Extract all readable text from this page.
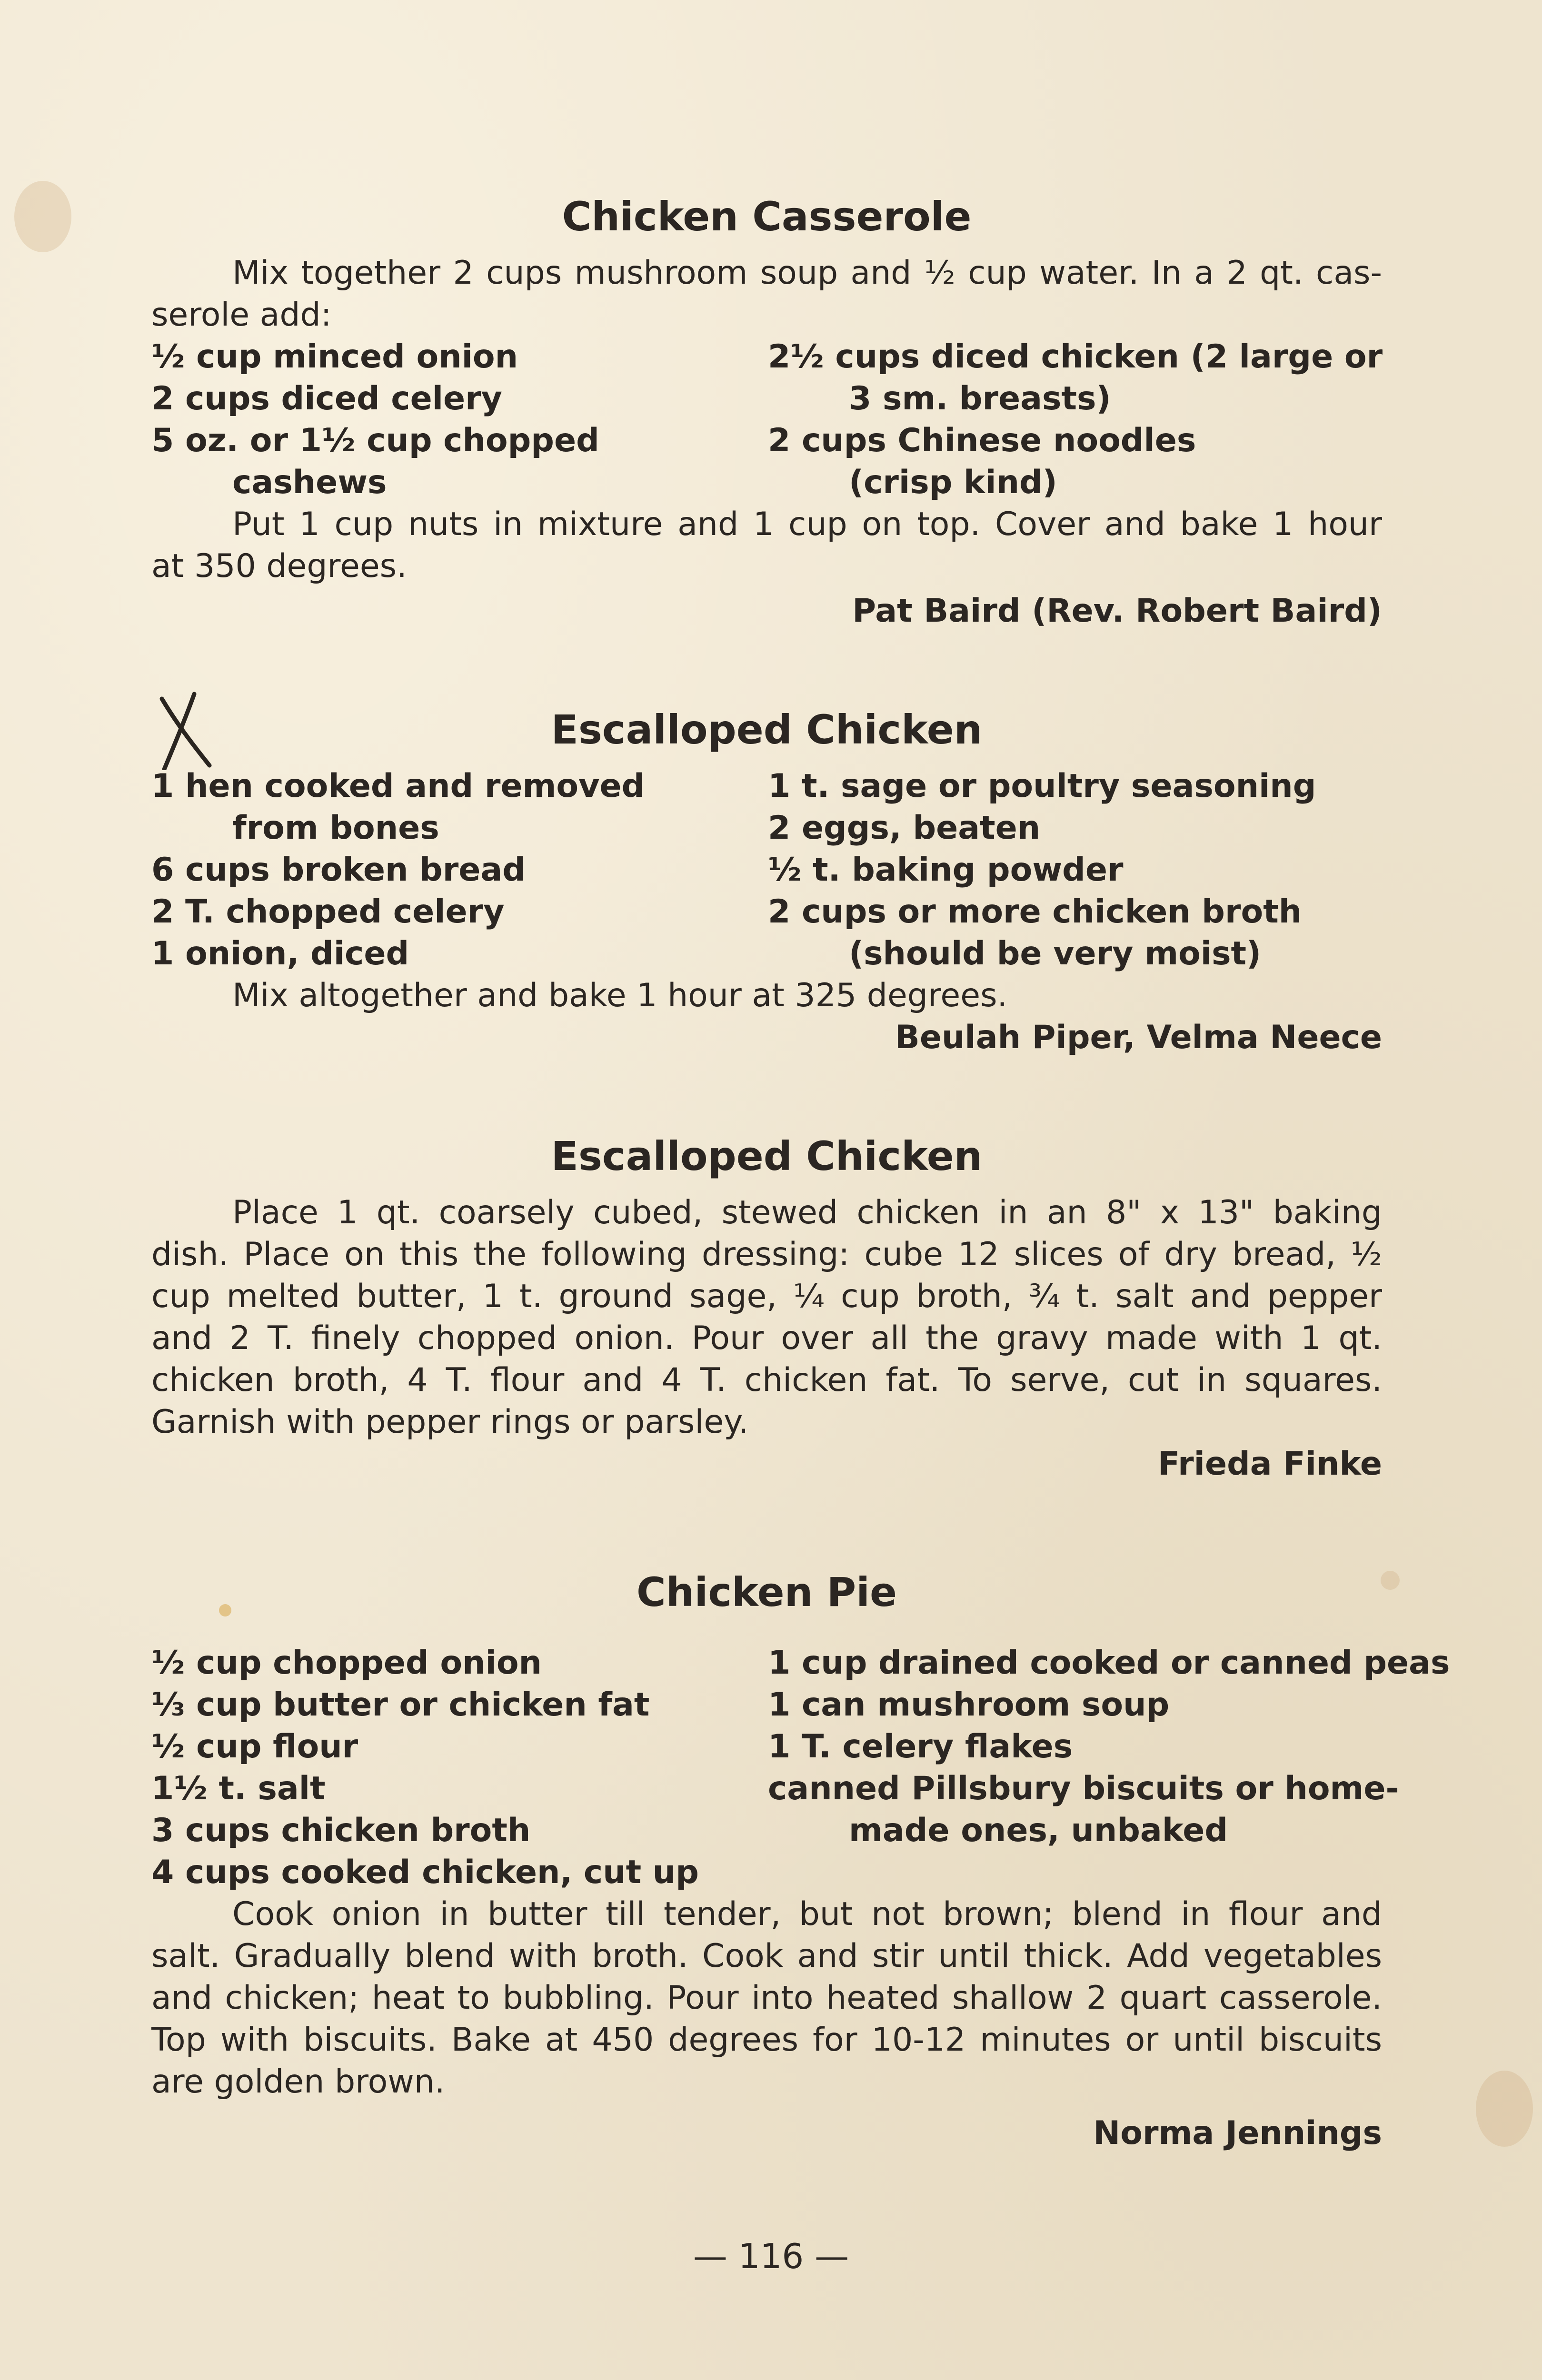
Chicken Casserole

Mix together 2 cups mushroom soup and ½ cup water. In a 2 qt. cas-

serole add:

½ cup minced onion

2 cups diced celery

5 oz. or 1½ cup chopped

cashews

2½ cups diced chicken (2 large or

3 sm. breasts)

2 cups Chinese noodles

(crisp kind)

Put 1 cup nuts in mixture and 1 cup on top. Cover and bake 1 hour

at 350 degrees.

Pat Baird (Rev. Robert Baird)

Escalloped Chicken

1 hen cooked and removed

from bones

6 cups broken bread

2 T. chopped celery

1 onion, diced

1 t. sage or poultry seasoning

2 eggs, beaten

½ t. baking powder

2 cups or more chicken broth

(should be very moist)

Mix altogether and bake 1 hour at 325 degrees.

Beulah Piper, Velma Neece

Escalloped Chicken

Place 1 qt. coarsely cubed, stewed chicken in an 8" x 13" baking

dish. Place on this the following dressing: cube 12 slices of dry bread, ½

cup melted butter, 1 t. ground sage, ¼ cup broth, ¾ t. salt and pepper

and 2 T. finely chopped onion. Pour over all the gravy made with 1 qt.

chicken broth, 4 T. flour and 4 T. chicken fat. To serve, cut in squares.

Garnish with pepper rings or parsley.

Frieda Finke

Chicken Pie

½ cup chopped onion

⅓ cup butter or chicken fat

½ cup flour

1½ t. salt

3 cups chicken broth

4 cups cooked chicken, cut up

1 cup drained cooked or canned peas

1 can mushroom soup

1 T. celery flakes

canned Pillsbury biscuits or home-

made ones, unbaked

Cook onion in butter till tender, but not brown; blend in flour and

salt. Gradually blend with broth. Cook and stir until thick. Add vegetables

and chicken; heat to bubbling. Pour into heated shallow 2 quart casserole.

Top with biscuits. Bake at 450 degrees for 10-12 minutes or until biscuits

are golden brown.

Norma Jennings

— 116 —
